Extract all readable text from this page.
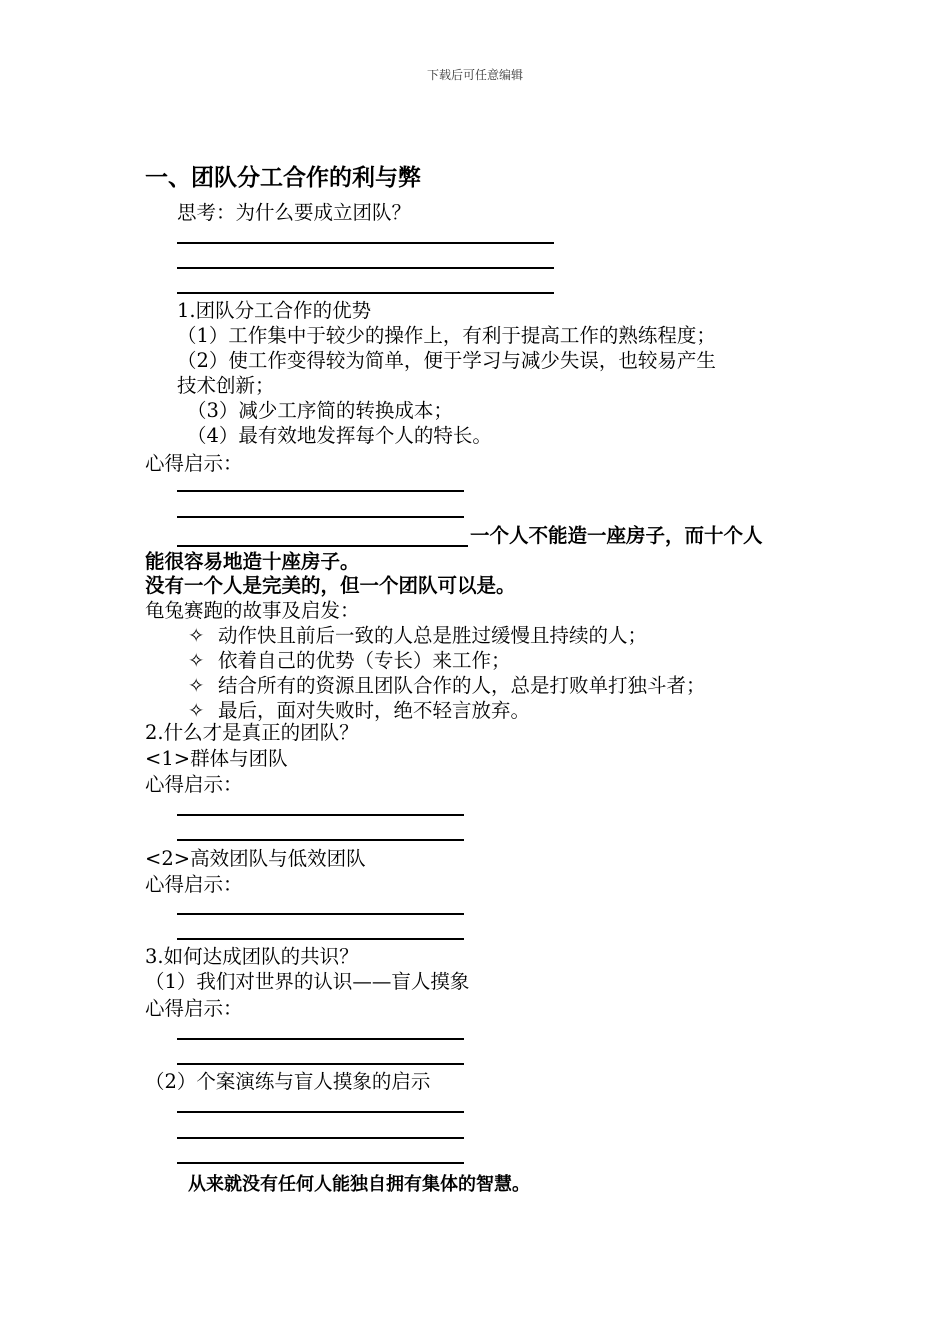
下载后可任意编辑
一、团队分工合作的利与弊
思考：为什么要成立团队？
1.团队分工合作的优势
（1）工作集中于较少的操作上，有利于提高工作的熟练程度；
（2）使工作变得较为简单，便于学习与减少失误，也较易产生
技术创新；
（3）减少工序简的转换成本；
（4）最有效地发挥每个人的特长。
心得启示：
一个人不能造一座房子，而十个人
能很容易地造十座房子。
没有一个人是完美的，但一个团队可以是。
龟兔赛跑的故事及启发：
✧ 动作快且前后一致的人总是胜过缓慢且持续的人；
✧ 依着自己的优势（专长）来工作；
✧ 结合所有的资源且团队合作的人，总是打败单打独斗者；
✧ 最后，面对失败时，绝不轻言放弃。
2.什么才是真正的团队？
<1>群体与团队
心得启示：
<2>高效团队与低效团队
心得启示：
3.如何达成团队的共识？
（1）我们对世界的认识——盲人摸象
心得启示：
（2）个案演练与盲人摸象的启示
从来就没有任何人能独自拥有集体的智慧。
